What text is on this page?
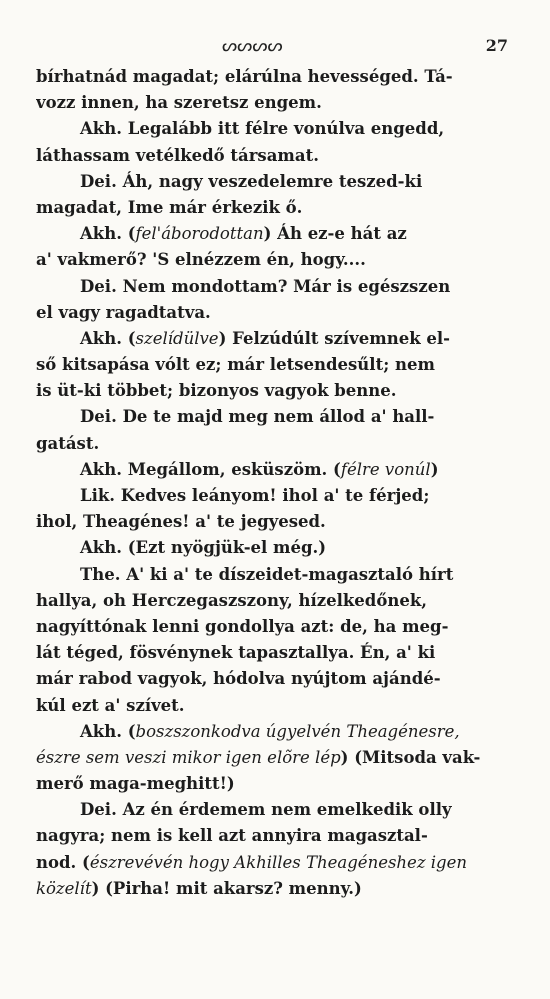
ᔕᔕᔕᔕ	27
bírhatnád magadat; elárúlna hevességed. Tá-
vozz innen, ha szeretsz engem.
Akh. Legalább itt félre vonúlva engedd,
láthassam vetélkedő társamat.
Dei. Áh, nagy veszedelemre teszed-ki
magadat, Ime már érkezik ő.
Akh. (fel'áborodottan) Áh ez-e hát az
a' vakmerő? 'S elnézzem én, hogy....
Dei. Nem mondottam? Már is egészszen
el vagy ragadtatva.
Akh. (szelídülve) Felzúdúlt szívemnek el-
ső kitsapása vólt ez; már letsendesűlt; nem
is üt-ki többet; bizonyos vagyok benne.
Dei. De te majd meg nem állod a' hall-
gatást.
Akh. Megállom, esküszöm. (félre vonúl)
Lik. Kedves leányom! ihol a' te férjed;
ihol, Theagénes! a' te jegyesed.
Akh. (Ezt nyögjük-el még.)
The. A' ki a' te díszeidet-magasztaló hírt
hallya, oh Herczegaszszony, hízelkedőnek,
nagyíttónak lenni gondollya azt: de, ha meg-
lát téged, fösvénynek tapasztallya. Én, a' ki
már rabod vagyok, hódolva nyújtom ajándé-
kúl ezt a' szívet.
Akh. (boszszonkodva úgyelvén Theagénesre,
észre sem veszi mikor igen elõre lép) (Mitsoda vak-
merő maga-meghitt!)
Dei. Az én érdemem nem emelkedik olly
nagyra; nem is kell azt annyira magasztal-
nod. (észrevévén hogy Akhilles Theagéneshez igen
közelít) (Pirha! mit akarsz? menny.)
